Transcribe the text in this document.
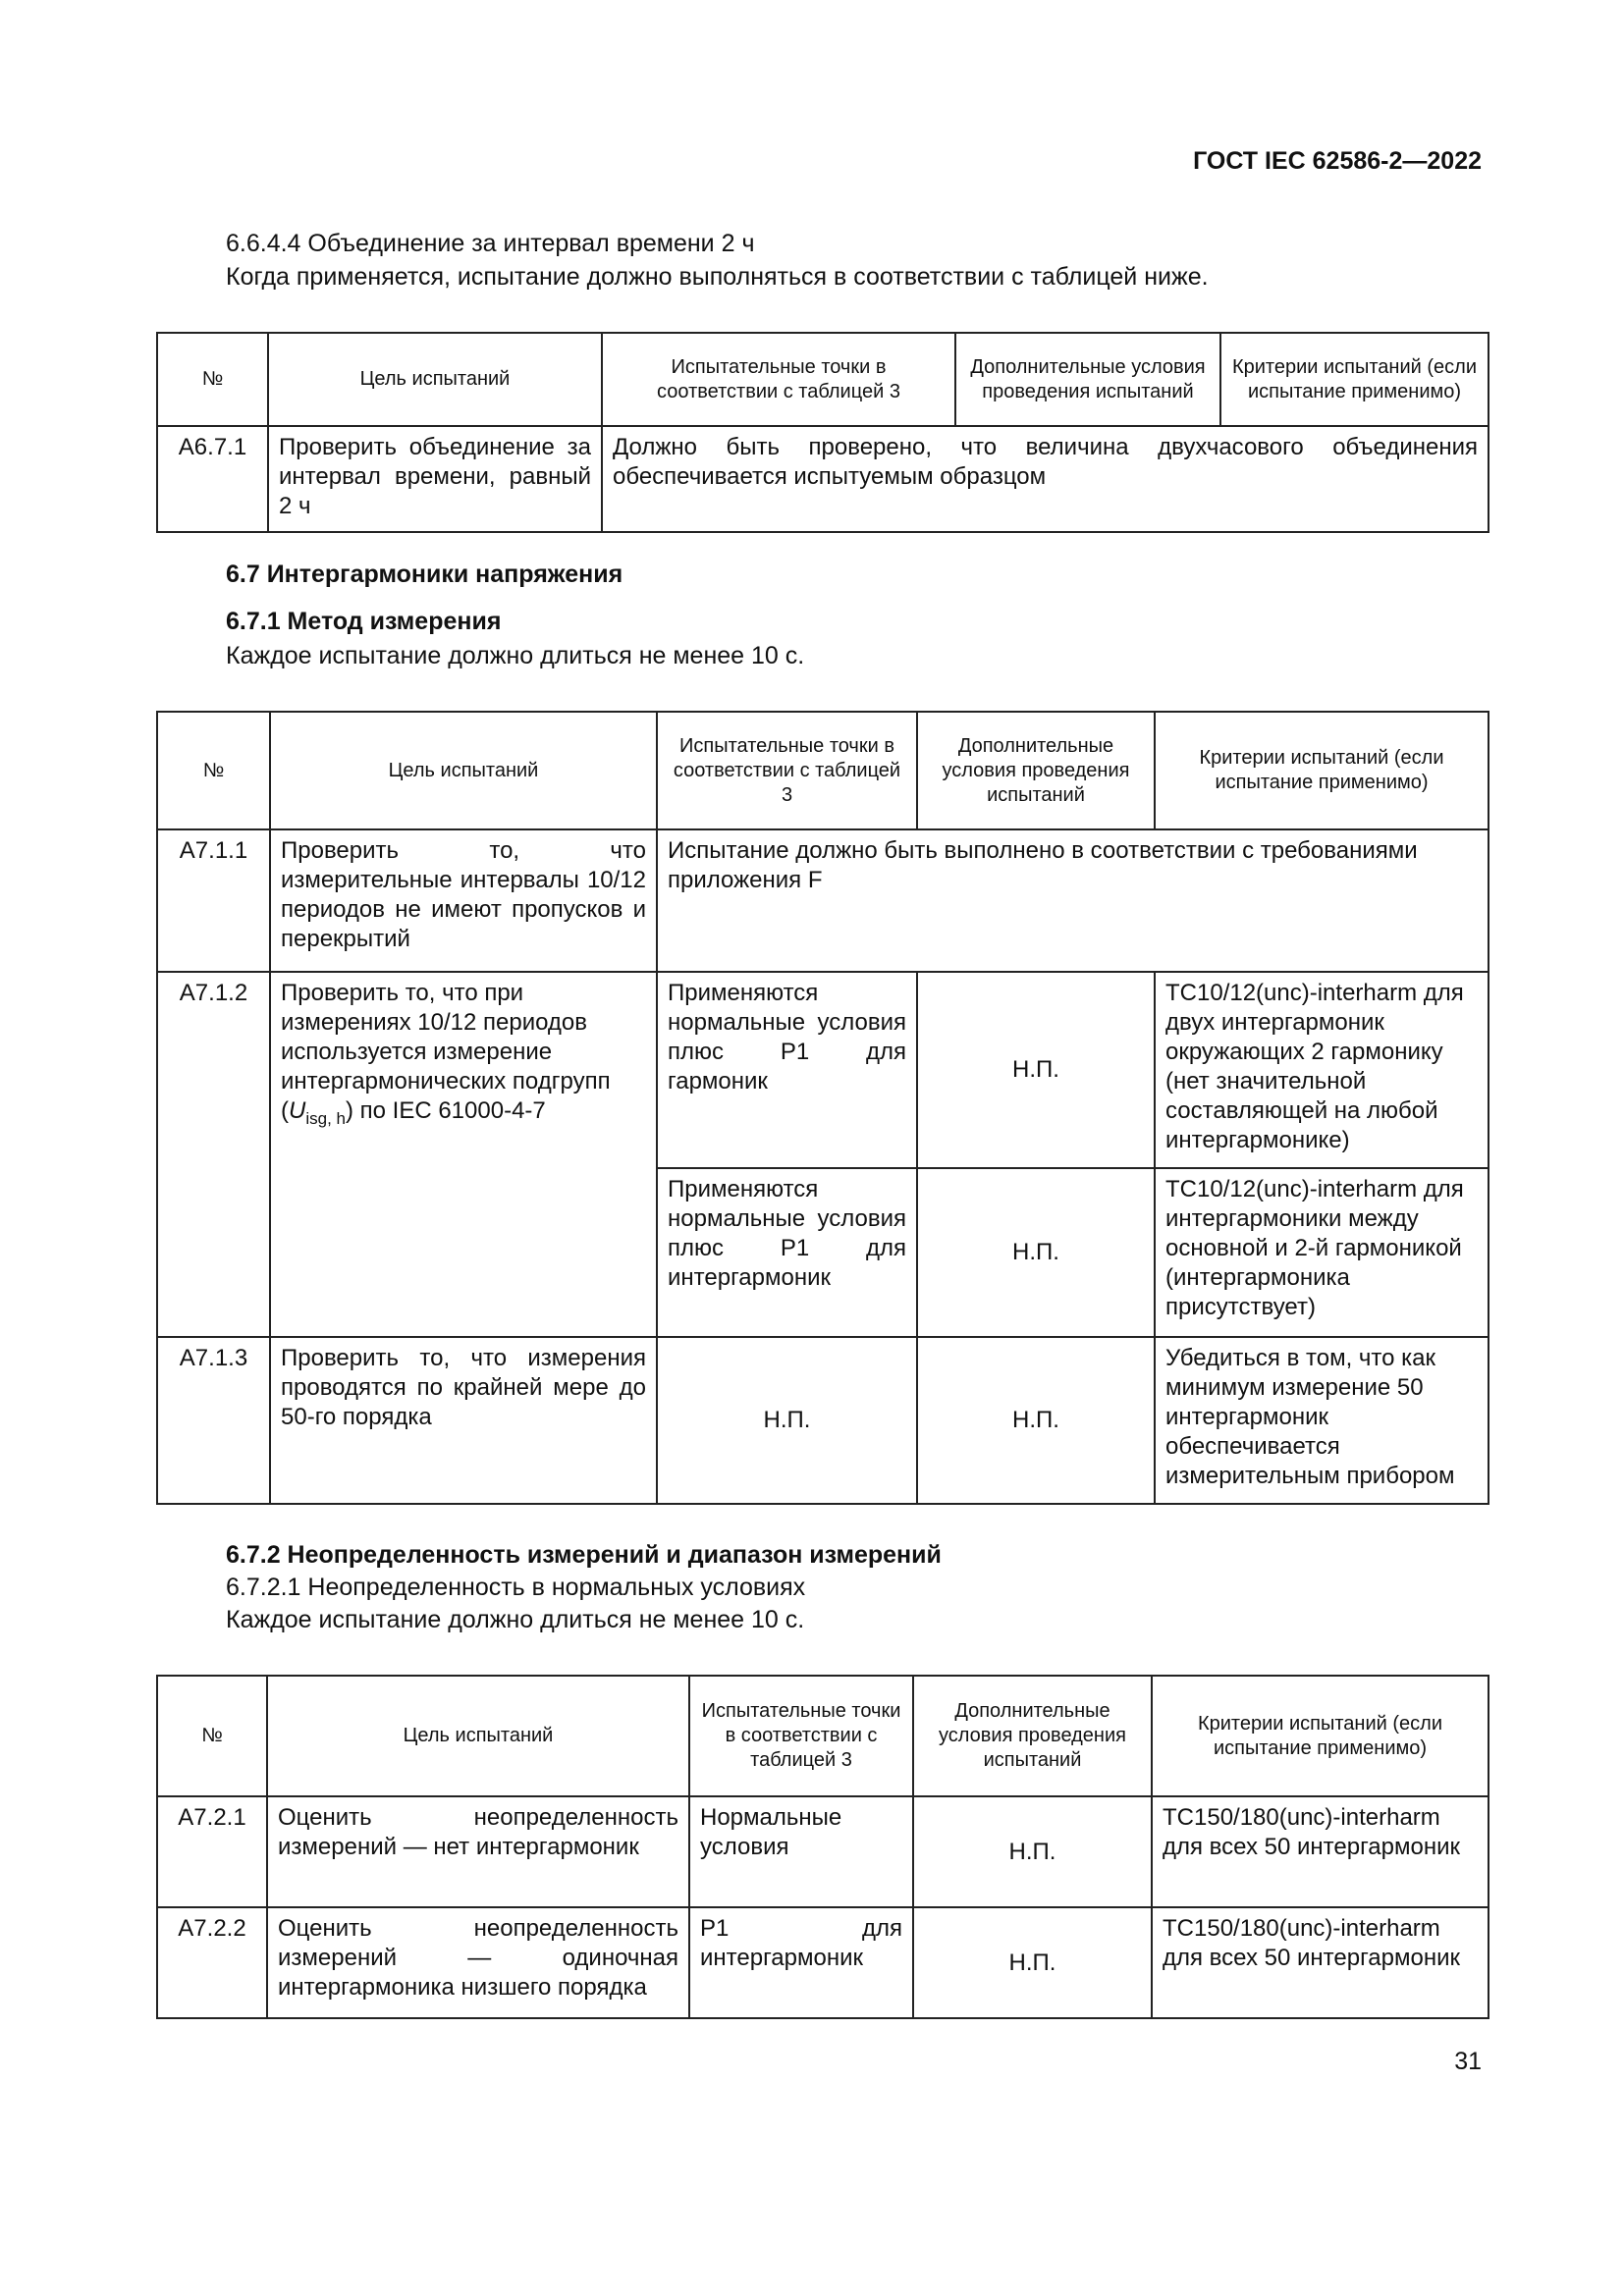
ГОСТ IEC 62586-2—2022
6.6.4.4 Объединение за интервал времени 2 ч
Когда применяется, испытание должно выполняться в соответствии с таблицей ниже.
№	Цель испытаний	Испытательные точки в соответствии с таблицей 3	Дополнительные условия проведения испытаний	Критерии испытаний (если испытание применимо)
A6.7.1	Проверить объединение за интервал времени, равный 2 ч	Должно быть проверено, что величина двухчасового объединения обеспечивается испытуемым образцом		
6.7 Интергармоники напряжения
6.7.1 Метод измерения
Каждое испытание должно длиться не менее 10 с.
№	Цель испытаний	Испытательные точки в соответствии с таблицей 3	Дополнительные условия проведения испытаний	Критерии испытаний (если испытание применимо)
A7.1.1	Проверить то, что измерительные интервалы 10/12 периодов не имеют пропусков и перекрытий	Испытание должно быть выполнено в соответствии с требованиями приложения F		
A7.1.2	Проверить то, что при измерениях 10/12 периодов используется измерение интергармонических подгрупп $(U_{isg, h})$ по IEC 61000-4-7	Применяются нормальные условия плюс P1 для гармоник	Н.П.	TC10/12(unc)-interharm для двух интергармоник окружающих 2 гармонику (нет значительной составляющей на любой интергармонике)
		Применяются нормальные условия плюс P1 для интергармоник	Н.П.	TC10/12(unc)-interharm для интергармоники между основной и 2-й гармоникой (интергармоника присутствует)
A7.1.3	Проверить то, что измерения проводятся по крайней мере до 50-го порядка	Н.П.	Н.П.	Убедиться в том, что как минимум измерение 50 интергармоник обеспечивается измерительным прибором
6.7.2 Неопределенность измерений и диапазон измерений
6.7.2.1 Неопределенность в нормальных условиях
Каждое испытание должно длиться не менее 10 с.
№	Цель испытаний	Испытательные точки в соответствии с таблицей 3	Дополнительные условия проведения испытаний	Критерии испытаний (если испытание применимо)
A7.2.1	Оценить неопределенность измерений — нет интергармоник	Нормальные условия	Н.П.	TC150/180(unc)-interharm для всех 50 интергармоник
A7.2.2	Оценить неопределенность измерений — одиночная интергармоника низшего порядка	P1 для интергармоник	Н.П.	TC150/180(unc)-interharm для всех 50 интергармоник
31
